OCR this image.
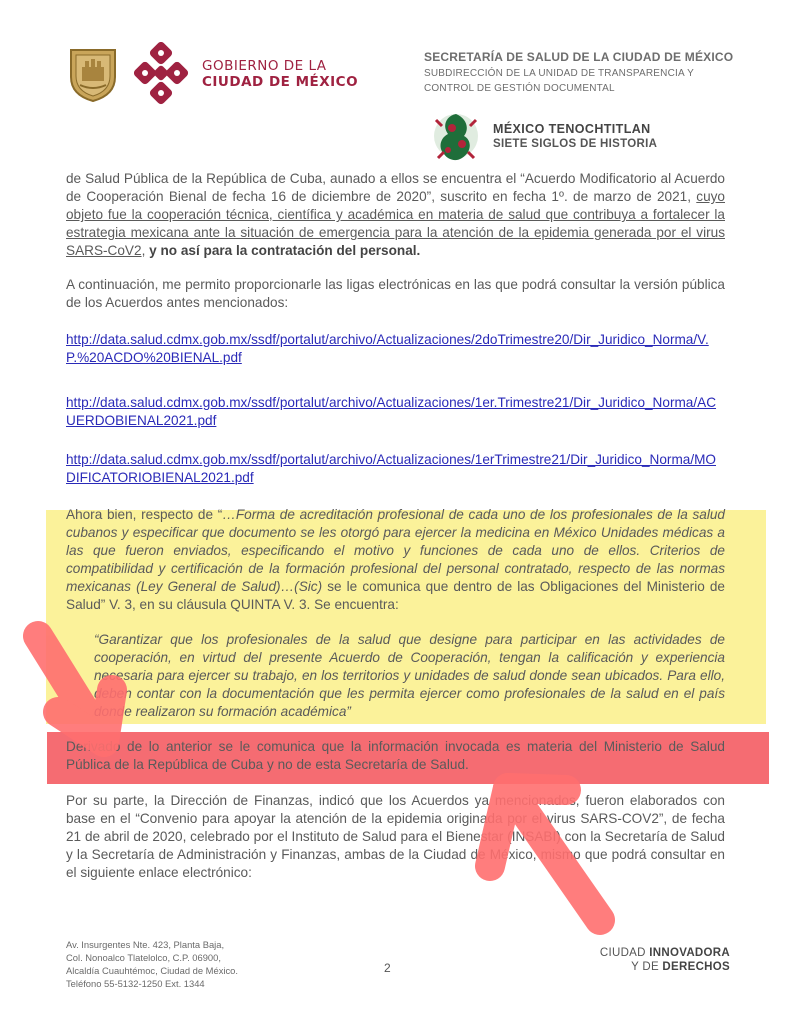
GOBIERNO DE LA
CIUDAD DE MÉXICO
SECRETARÍA DE SALUD DE LA CIUDAD DE MÉXICO
SUBDIRECCIÓN DE LA UNIDAD DE TRANSPARENCIA Y
CONTROL DE GESTIÓN DOCUMENTAL
MÉXICO TENOCHTITLAN
SIETE SIGLOS DE HISTORIA

de Salud Pública de la República de Cuba, aunado a ellos se encuentra el “Acuerdo Modificatorio al Acuerdo de Cooperación Bienal de fecha 16 de diciembre de 2020”, suscrito en fecha 1º. de marzo de 2021, cuyo objeto fue la cooperación técnica, científica y académica en materia de salud que contribuya a fortalecer la estrategia mexicana ante la situación de emergencia para la atención de la epidemia generada por el virus SARS-CoV2, y no así para la contratación del personal.

A continuación, me permito proporcionarle las ligas electrónicas en las que podrá consultar la versión pública de los Acuerdos antes mencionados:

http://data.salud.cdmx.gob.mx/ssdf/portalut/archivo/Actualizaciones/2doTrimestre20/Dir_Juridico_Norma/V.P.%20ACDO%20BIENAL.pdf
http://data.salud.cdmx.gob.mx/ssdf/portalut/archivo/Actualizaciones/1er.Trimestre21/Dir_Juridico_Norma/ACUERDOBIENAL2021.pdf
http://data.salud.cdmx.gob.mx/ssdf/portalut/archivo/Actualizaciones/1erTrimestre21/Dir_Juridico_Norma/MODIFICATORIOBIENAL2021.pdf

Ahora bien, respecto de “…Forma de acreditación profesional de cada uno de los profesionales de la salud cubanos y especificar que documento se les otorgó para ejercer la medicina en México Unidades médicas a las que fueron enviados, especificando el motivo y funciones de cada uno de ellos. Criterios de compatibilidad y certificación de la formación profesional del personal contratado, respecto de las normas mexicanas (Ley General de Salud)…(Sic) se le comunica que dentro de las Obligaciones del Ministerio de Salud” V. 3, en su cláusula QUINTA V. 3. Se encuentra:

“Garantizar que los profesionales de la salud que designe para participar en las actividades de cooperación, en virtud del presente Acuerdo de Cooperación, tengan la calificación y experiencia necesaria para ejercer su trabajo, en los territorios y unidades de salud donde sean ubicados. Para ello, deben contar con la documentación que les permita ejercer como profesionales de la salud en el país donde realizaron su formación académica”

Derivado de lo anterior se le comunica que la información invocada es materia del Ministerio de Salud Pública de la República de Cuba y no de esta Secretaría de Salud.

Por su parte, la Dirección de Finanzas, indicó que los Acuerdos ya mencionados, fueron elaborados con base en el “Convenio para apoyar la atención de la epidemia originada por el virus SARS-COV2”, de fecha 21 de abril de 2020, celebrado por el Instituto de Salud para el Bienestar (INSABI) con la Secretaría de Salud y la Secretaría de Administración y Finanzas, ambas de la Ciudad de México, mismo que podrá consultar en el siguiente enlace electrónico:

Av. Insurgentes Nte. 423, Planta Baja,
Col. Nonoalco Tlatelolco, C.P. 06900,
Alcaldía Cuauhtémoc, Ciudad de México.
Teléfono 55-5132-1250 Ext. 1344
2
CIUDAD INNOVADORA
Y DE DERECHOS
